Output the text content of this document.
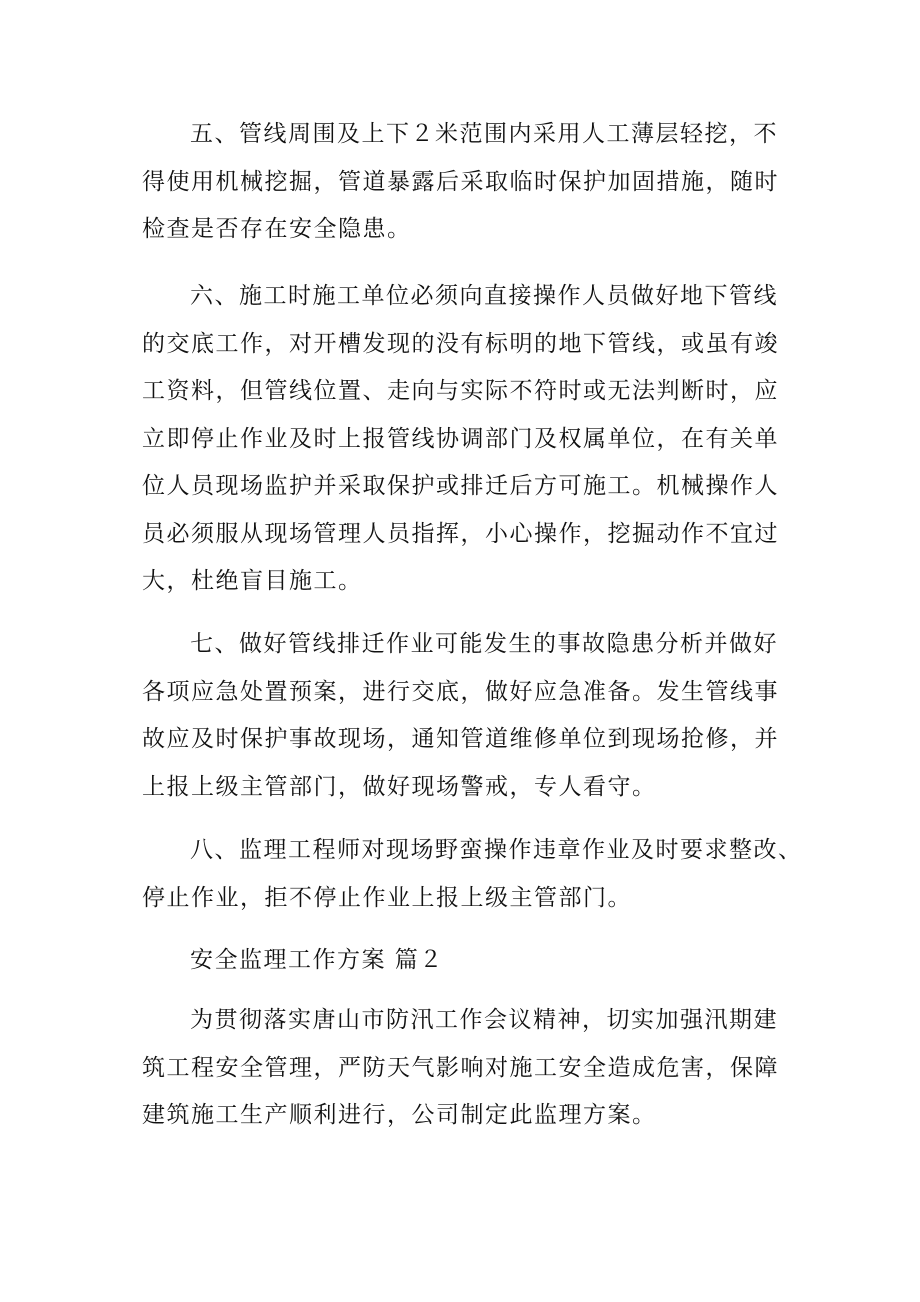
五、管线周围及上下２米范围内采用人工薄层轻挖，不
得使用机械挖掘，管道暴露后采取临时保护加固措施，随时
检查是否存在安全隐患。
六、施工时施工单位必须向直接操作人员做好地下管线
的交底工作，对开槽发现的没有标明的地下管线，或虽有竣
工资料，但管线位置、走向与实际不符时或无法判断时，应
立即停止作业及时上报管线协调部门及权属单位，在有关单
位人员现场监护并采取保护或排迁后方可施工。机械操作人
员必须服从现场管理人员指挥，小心操作，挖掘动作不宜过
大，杜绝盲目施工。
七、做好管线排迁作业可能发生的事故隐患分析并做好
各项应急处置预案，进行交底，做好应急准备。发生管线事
故应及时保护事故现场，通知管道维修单位到现场抢修，并
上报上级主管部门，做好现场警戒，专人看守。
八、监理工程师对现场野蛮操作违章作业及时要求整改、
停止作业，拒不停止作业上报上级主管部门。
安全监理工作方案 篇２
为贯彻落实唐山市防汛工作会议精神，切实加强汛期建
筑工程安全管理，严防天气影响对施工安全造成危害，保障
建筑施工生产顺利进行，公司制定此监理方案。
